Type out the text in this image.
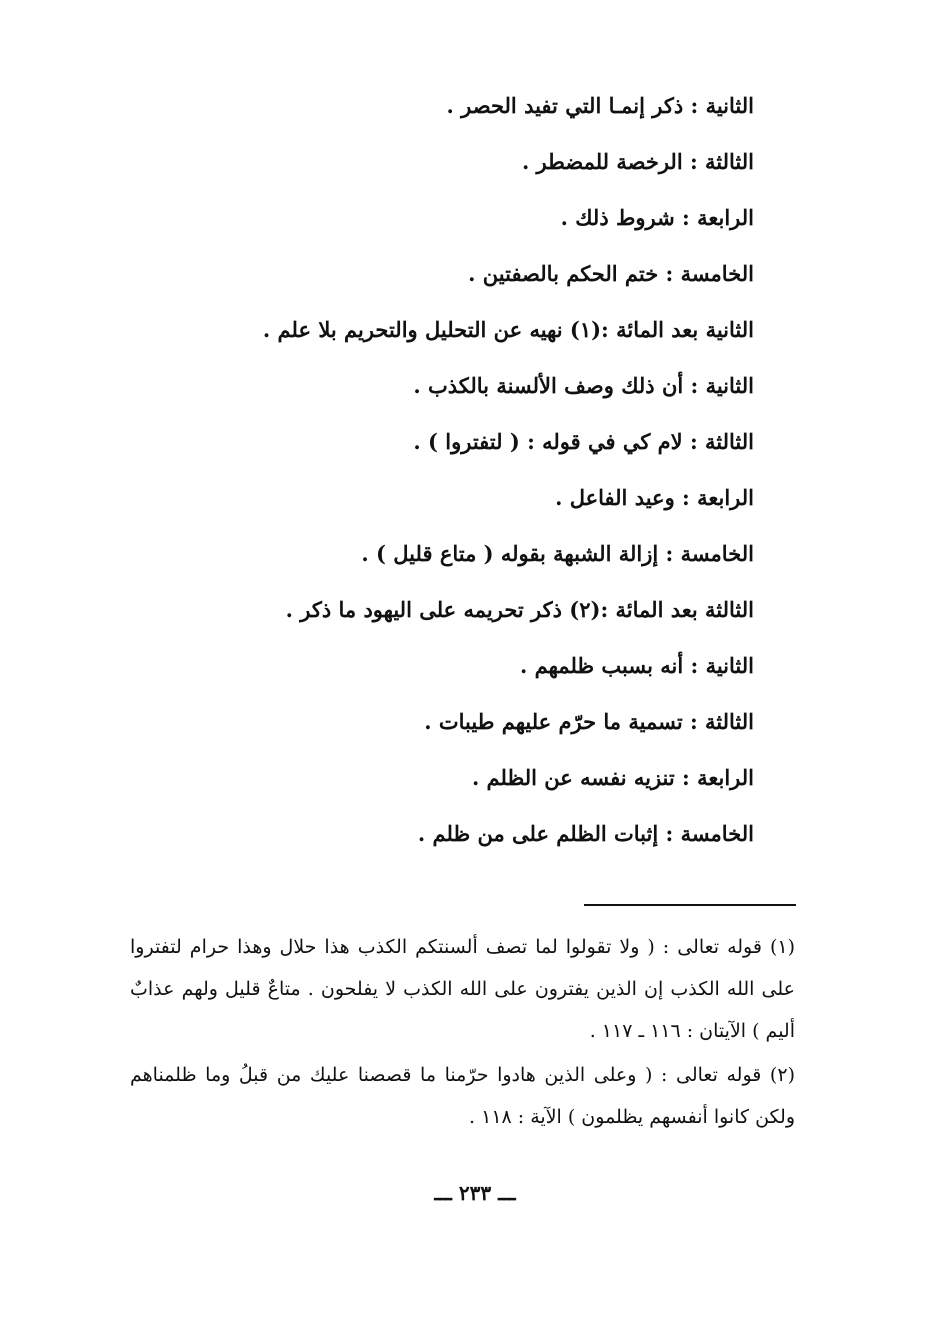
الثانية : ذكر إنمـا التي تفيد الحصر .
الثالثة : الرخصة للمضطر .
الرابعة : شروط ذلك .
الخامسة : ختم الحكم بالصفتين .
الثانية بعد المائة :(١) نهيه عن التحليل والتحريم بلا علم .
الثانية : أن ذلك وصف الألسنة بالكذب .
الثالثة : لام كي في قوله : ( لتفتروا ) .
الرابعة : وعيد الفاعل .
الخامسة : إزالة الشبهة بقوله ( متاع قليل ) .
الثالثة بعد المائة :(٢) ذكر تحريمه على اليهود ما ذكر .
الثانية : أنه بسبب ظلمهم .
الثالثة : تسمية ما حرّم عليهم طيبات .
الرابعة : تنزيه نفسه عن الظلم .
الخامسة : إثبات الظلم على من ظلم .

(١) قوله تعالى : ( ولا تقولوا لما تصف ألسنتكم الكذب هذا حلال وهذا حرام لتفتروا على الله الكذب إن الذين يفترون على الله الكذب لا يفلحون . متاعٌ قليل ولهم عذابٌ أليم ) الآيتان : ١١٦ ـ ١١٧ .

(٢) قوله تعالى : ( وعلى الذين هادوا حرّمنا ما قصصنا عليك من قبلُ وما ظلمناهم ولكن كانوا أنفسهم يظلمون ) الآية : ١١٨ .

ـــ ٢٣٣ ـــ
